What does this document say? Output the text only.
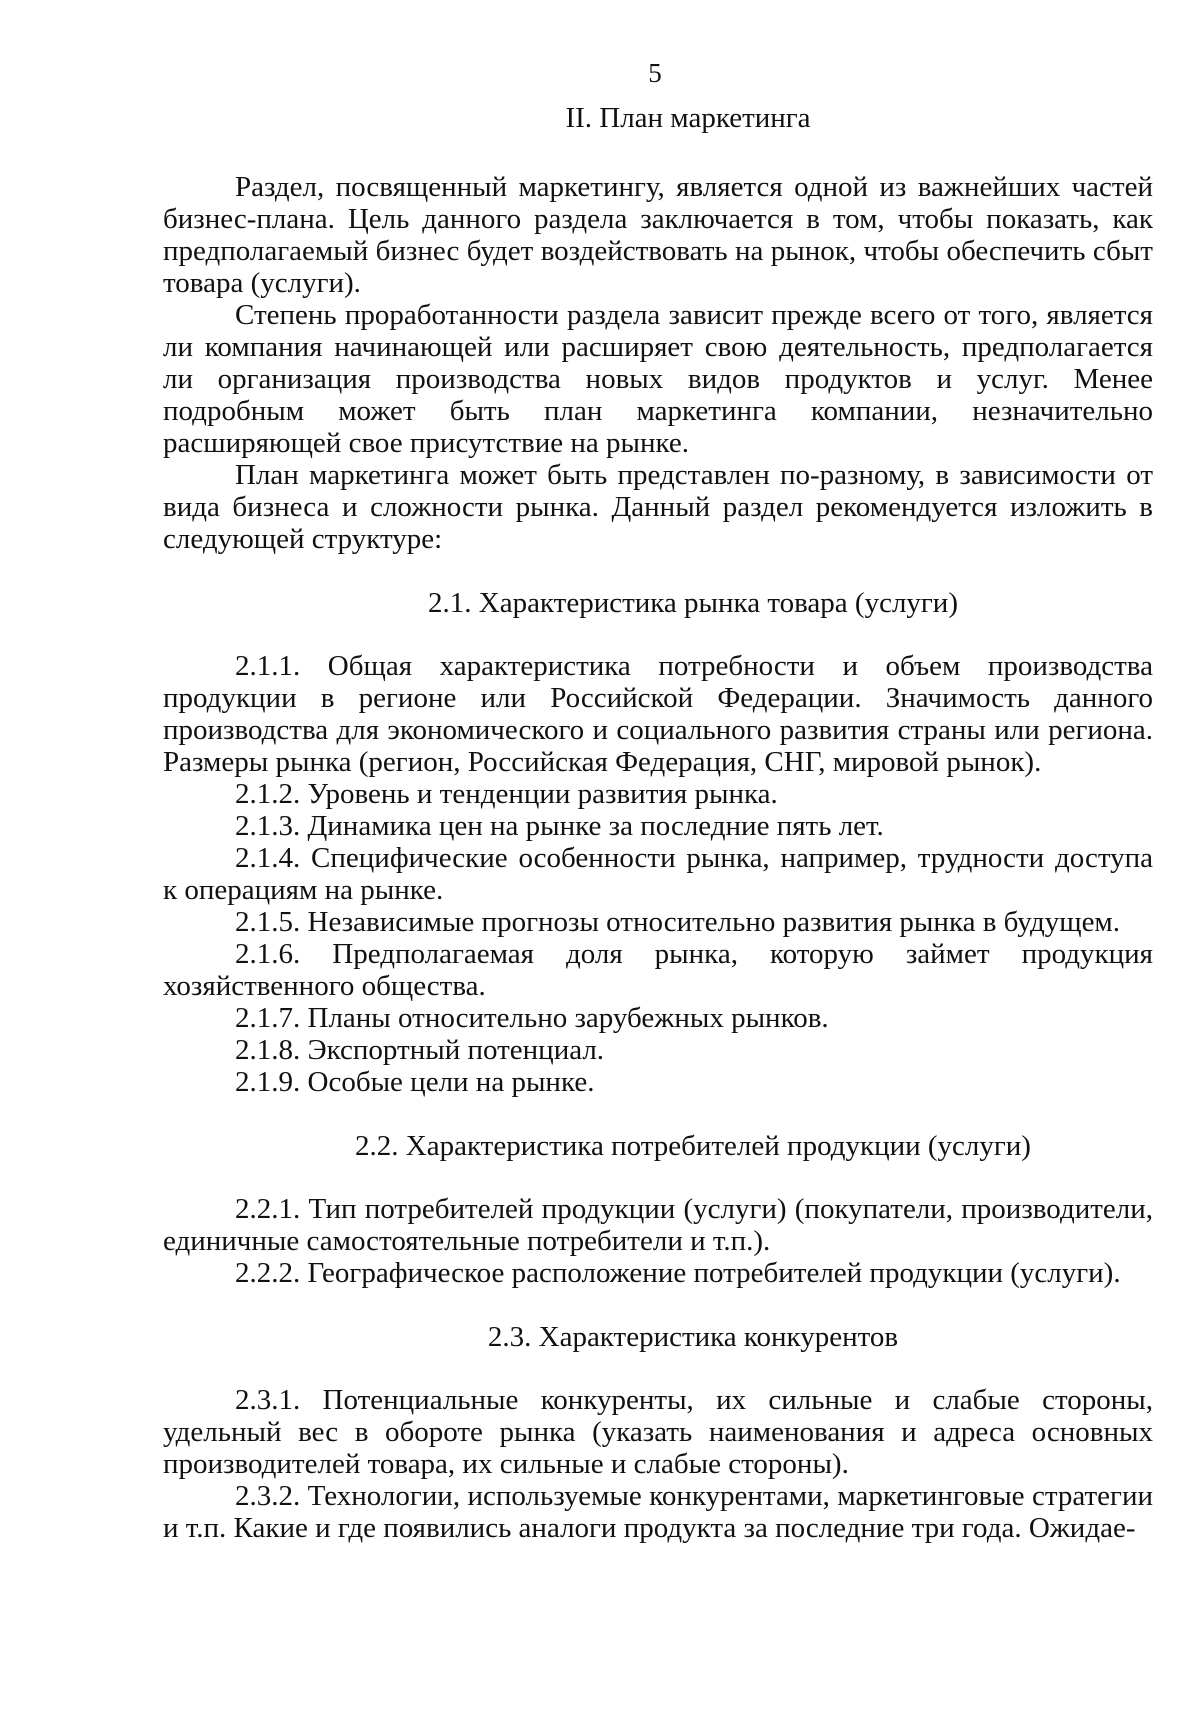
5
II. План маркетинга

Раздел, посвященный маркетингу, является одной из важнейших частей бизнес-плана. Цель данного раздела заключается в том, чтобы показать, как предполагаемый бизнес будет воздействовать на рынок, чтобы обеспечить сбыт товара (услуги).

Степень проработанности раздела зависит прежде всего от того, является ли компания начинающей или расширяет свою деятельность, предполагается ли организация производства новых видов продуктов и услуг. Менее подробным может быть план маркетинга компании, незначительно расширяющей свое присутствие на рынке.

План маркетинга может быть представлен по-разному, в зависимости от вида бизнеса и сложности рынка. Данный раздел рекомендуется изложить в следующей структуре:

2.1. Характеристика рынка товара (услуги)
2.1.1. Общая характеристика потребности и объем производства продукции в регионе или Российской Федерации. Значимость данного производства для экономического и социального развития страны или региона. Размеры рынка (регион, Российская Федерация, СНГ, мировой рынок).
2.1.2. Уровень и тенденции развития рынка.
2.1.3. Динамика цен на рынке за последние пять лет.
2.1.4. Специфические особенности рынка, например, трудности доступа к операциям на рынке.
2.1.5. Независимые прогнозы относительно развития рынка в будущем.
2.1.6. Предполагаемая доля рынка, которую займет продукция хозяйственного общества.
2.1.7. Планы относительно зарубежных рынков.
2.1.8. Экспортный потенциал.
2.1.9. Особые цели на рынке.
2.2. Характеристика потребителей продукции (услуги)
2.2.1. Тип потребителей продукции (услуги) (покупатели, производители, единичные самостоятельные потребители и т.п.).
2.2.2. Географическое расположение потребителей продукции (услуги).
2.3. Характеристика конкурентов
2.3.1. Потенциальные конкуренты, их сильные и слабые стороны, удельный вес в обороте рынка (указать наименования и адреса основных производителей товара, их сильные и слабые стороны).
2.3.2. Технологии, используемые конкурентами, маркетинговые стратегии и т.п. Какие и где появились аналоги продукта за последние три года. Ожидае-
